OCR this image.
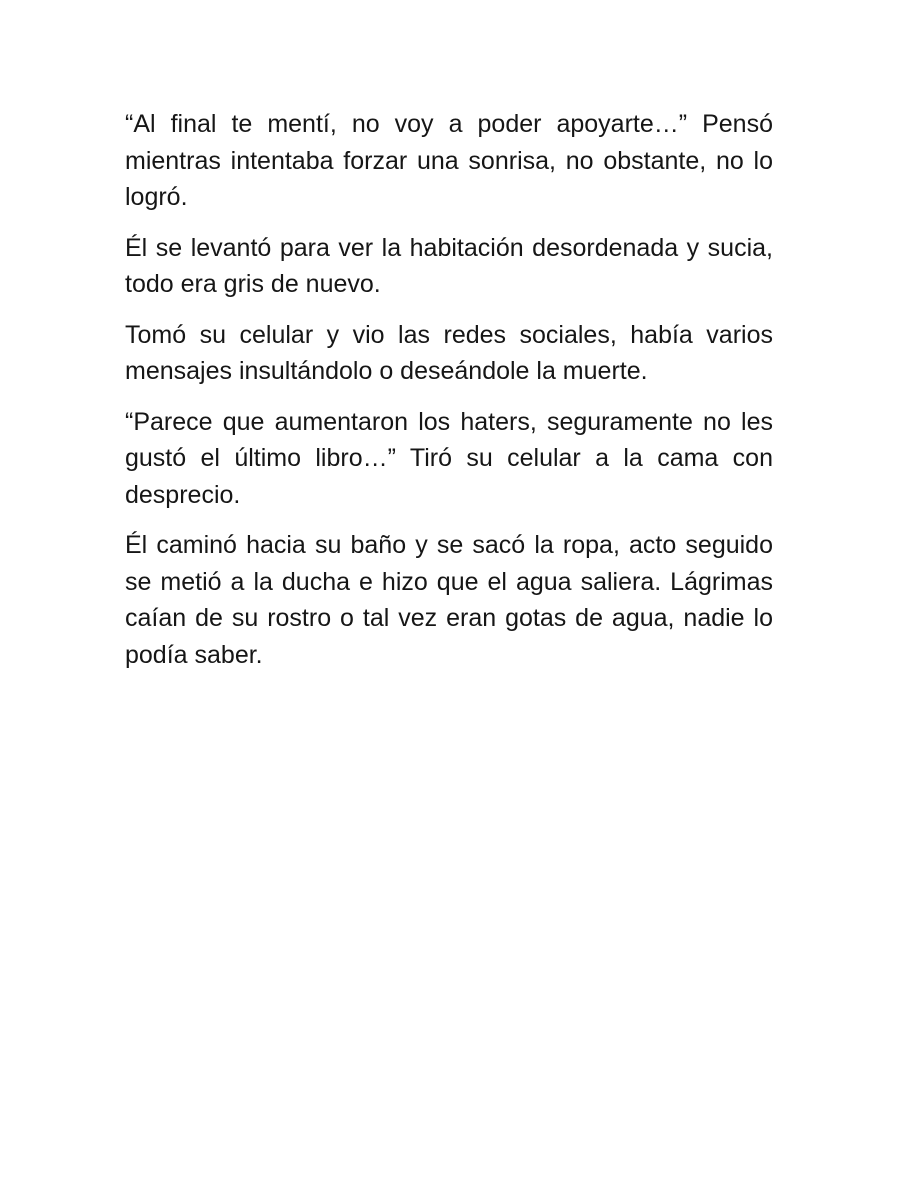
“Al final te mentí, no voy a poder apoyarte…” Pensó mientras intentaba forzar una sonrisa, no obstante, no lo logró.

Él se levantó para ver la habitación desordenada y sucia, todo era gris de nuevo.

Tomó su celular y vio las redes sociales, había varios mensajes insultándolo o deseándole la muerte.

“Parece que aumentaron los haters, seguramente no les gustó el último libro…” Tiró su celular a la cama con desprecio.

Él caminó hacia su baño y se sacó la ropa, acto seguido se metió a la ducha e hizo que el agua saliera. Lágrimas caían de su rostro o tal vez eran gotas de agua, nadie lo podía saber.
